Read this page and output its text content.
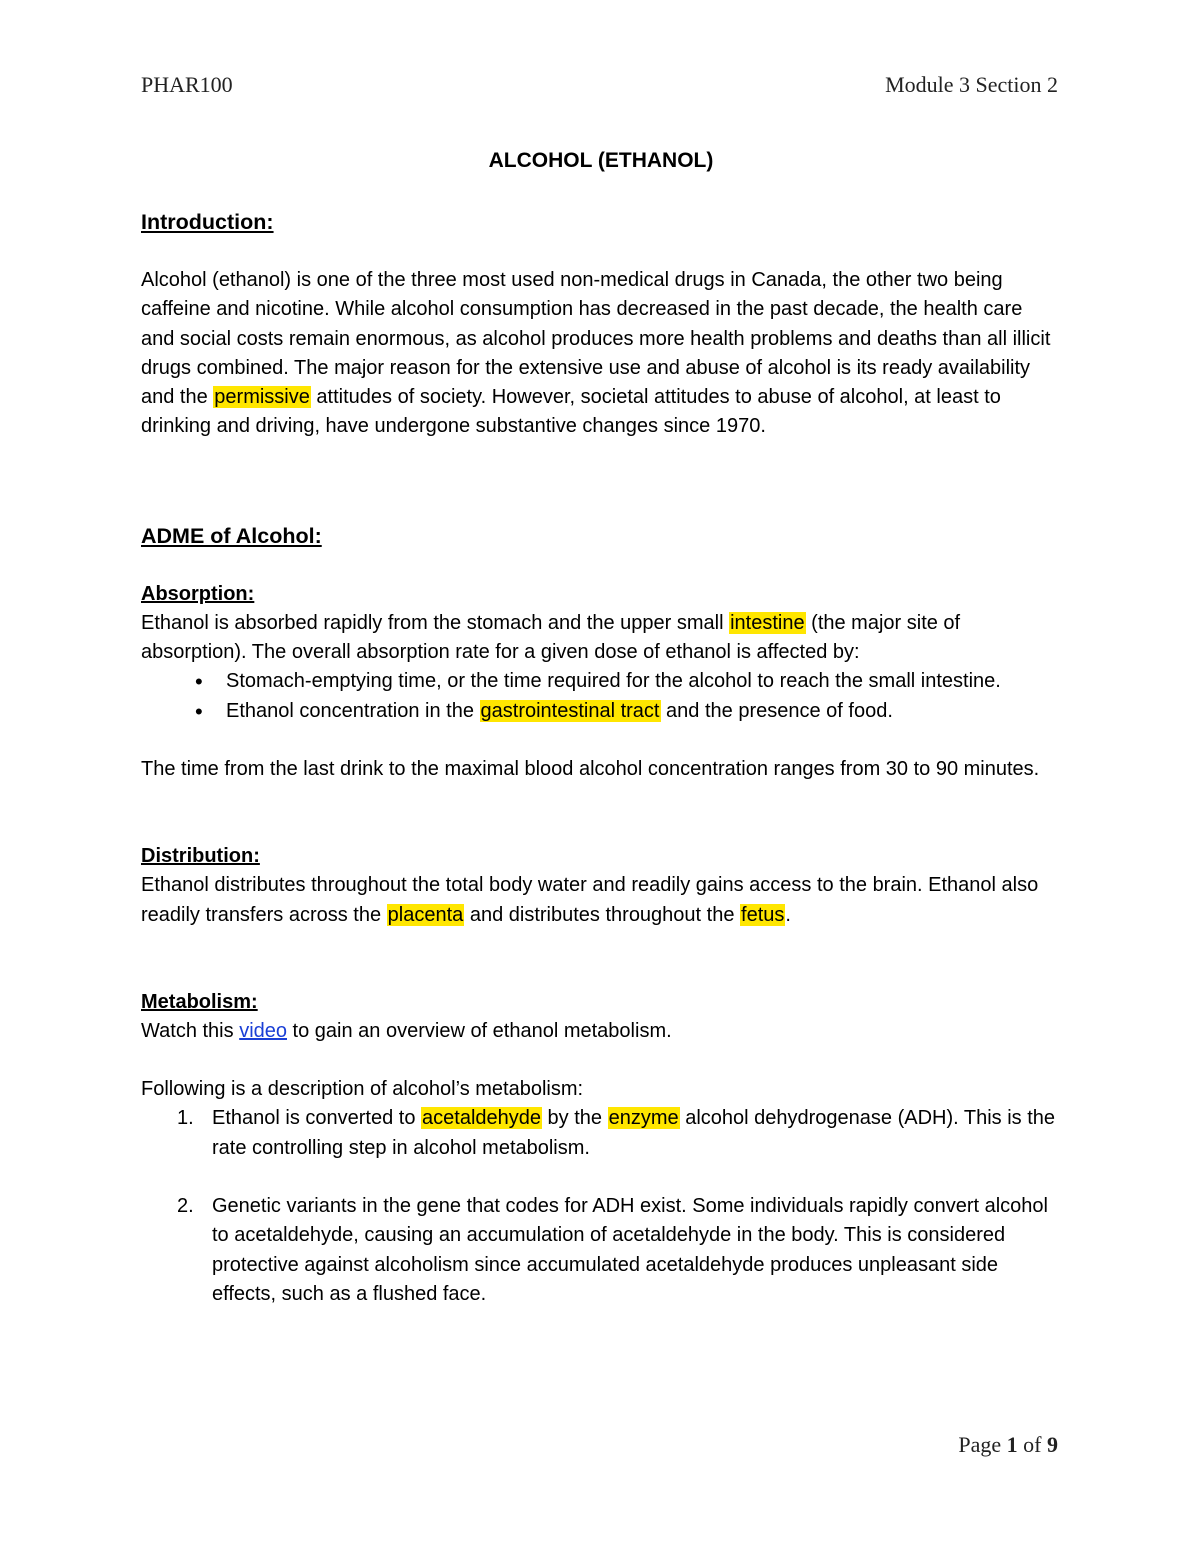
PHAR100	Module 3 Section 2
ALCOHOL (ETHANOL)
Introduction:

Alcohol (ethanol) is one of the three most used non-medical drugs in Canada, the other two being caffeine and nicotine. While alcohol consumption has decreased in the past decade, the health care and social costs remain enormous, as alcohol produces more health problems and deaths than all illicit drugs combined. The major reason for the extensive use and abuse of alcohol is its ready availability and the permissive attitudes of society. However, societal attitudes to abuse of alcohol, at least to drinking and driving, have undergone substantive changes since 1970.

ADME of Alcohol:
Absorption:

Ethanol is absorbed rapidly from the stomach and the upper small intestine (the major site of absorption). The overall absorption rate for a given dose of ethanol is affected by:

• Stomach-emptying time, or the time required for the alcohol to reach the small intestine.
• Ethanol concentration in the gastrointestinal tract and the presence of food.

The time from the last drink to the maximal blood alcohol concentration ranges from 30 to 90 minutes.

Distribution:

Ethanol distributes throughout the total body water and readily gains access to the brain. Ethanol also readily transfers across the placenta and distributes throughout the fetus.

Metabolism:

Watch this video to gain an overview of ethanol metabolism.

Following is a description of alcohol’s metabolism:

1. Ethanol is converted to acetaldehyde by the enzyme alcohol dehydrogenase (ADH). This is the rate controlling step in alcohol metabolism.
2. Genetic variants in the gene that codes for ADH exist. Some individuals rapidly convert alcohol to acetaldehyde, causing an accumulation of acetaldehyde in the body. This is considered protective against alcoholism since accumulated acetaldehyde produces unpleasant side effects, such as a flushed face.
Page 1 of 9
